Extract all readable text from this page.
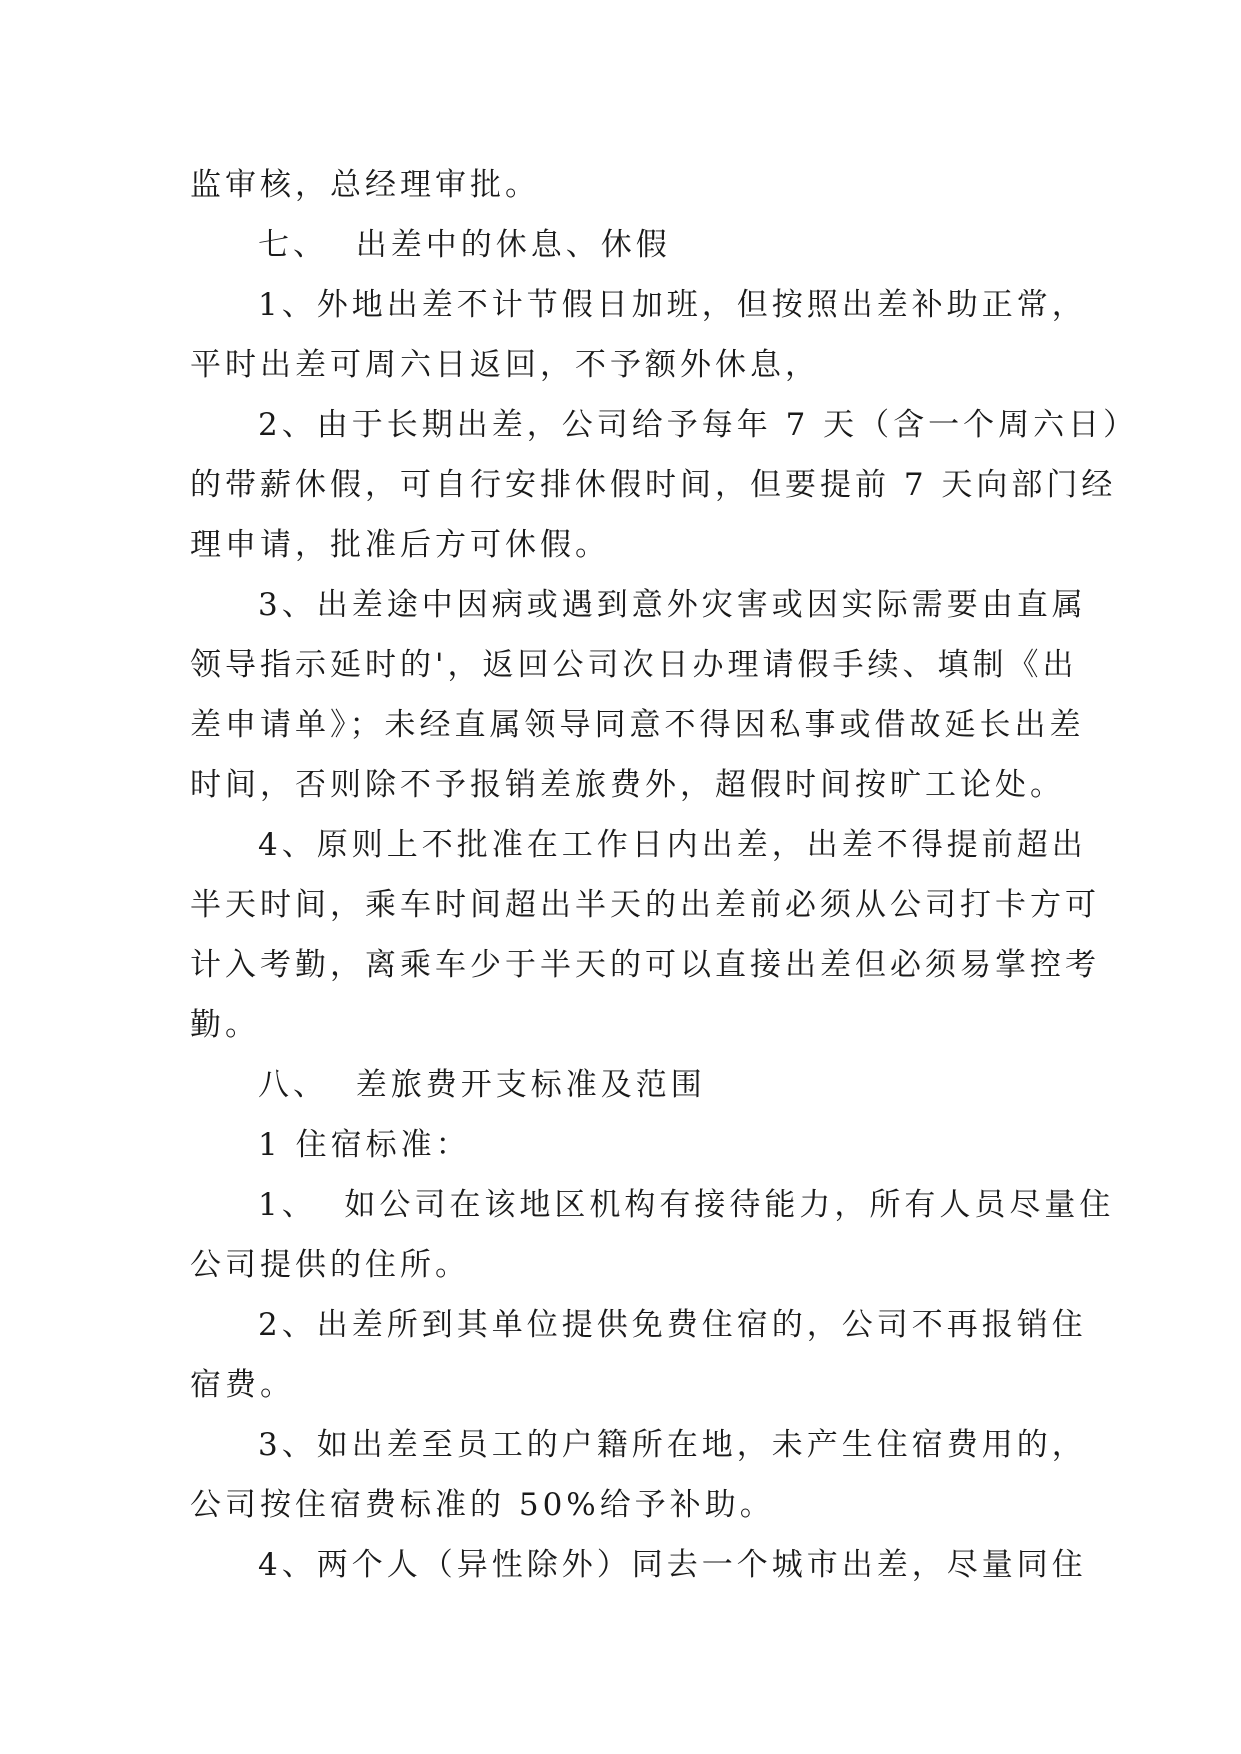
监审核，总经理审批。
七、  出差中的休息、休假
1、外地出差不计节假日加班，但按照出差补助正常，
平时出差可周六日返回，不予额外休息，
2、由于长期出差，公司给予每年 7 天（含一个周六日）
的带薪休假，可自行安排休假时间，但要提前 7 天向部门经
理申请，批准后方可休假。
3、出差途中因病或遇到意外灾害或因实际需要由直属
领导指示延时的'，返回公司次日办理请假手续、填制《出
差申请单》；未经直属领导同意不得因私事或借故延长出差
时间，否则除不予报销差旅费外，超假时间按旷工论处。
4、原则上不批准在工作日内出差，出差不得提前超出
半天时间，乘车时间超出半天的出差前必须从公司打卡方可
计入考勤，离乘车少于半天的可以直接出差但必须易掌控考
勤。
八、  差旅费开支标准及范围
1 住宿标准：
1、  如公司在该地区机构有接待能力，所有人员尽量住
公司提供的住所。
2、出差所到其单位提供免费住宿的，公司不再报销住
宿费。
3、如出差至员工的户籍所在地，未产生住宿费用的，
公司按住宿费标准的 50%给予补助。
4、两个人（异性除外）同去一个城市出差，尽量同住
